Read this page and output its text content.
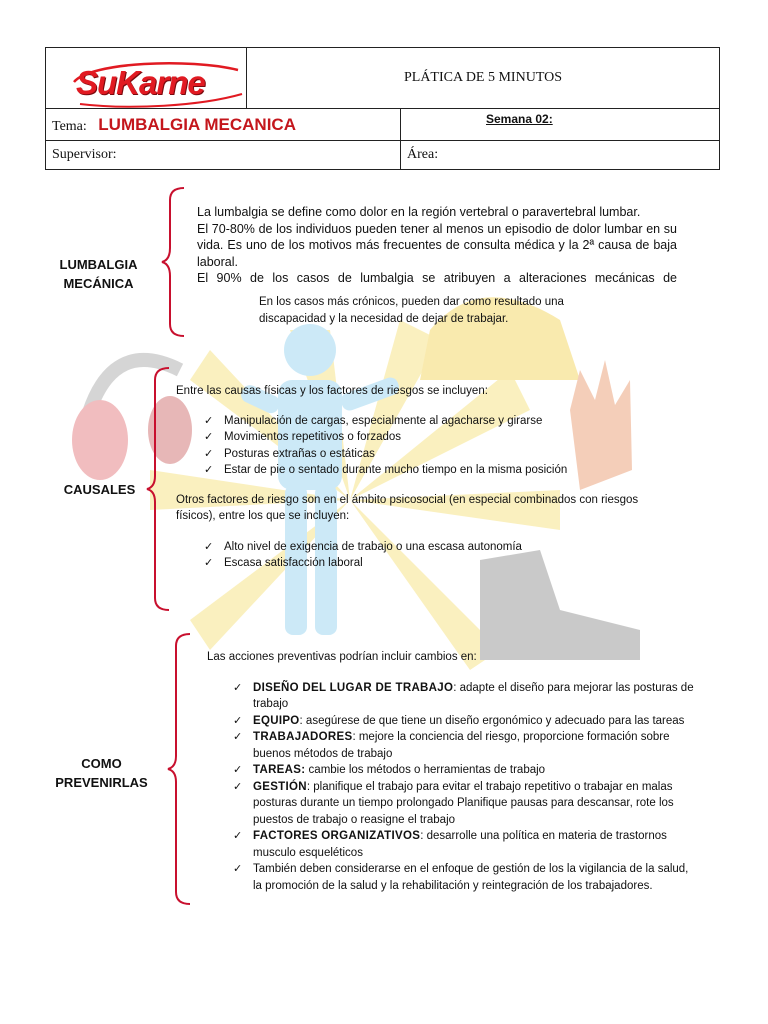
SuKarne	PLÁTICA DE 5 MINUTOS	
Tema: LUMBALGIA MECANICA		Semana 02:
Supervisor:		Área:
LUMBALGIA
MECÁNICA
La lumbalgia se define como dolor en la región vertebral o paravertebral lumbar.
El 70-80% de los individuos pueden tener al menos un episodio de dolor lumbar en su vida. Es uno de los motivos más frecuentes de consulta médica y la 2ª causa de baja laboral.
El 90% de los casos de lumbalgia se atribuyen a alteraciones mecánicas de
En los casos más crónicos, pueden dar como resultado una
discapacidad y la necesidad de dejar de trabajar.
CAUSALES
Entre las causas físicas y los factores de riesgos se incluyen:
✓ Manipulación de cargas, especialmente al agacharse y girarse
✓ Movimientos repetitivos o forzados
✓ Posturas extrañas o estáticas
✓ Estar de pie o sentado durante mucho tiempo en la misma posición
Otros factores de riesgo son en el ámbito psicosocial (en especial combinados con riesgos físicos), entre los que se incluyen:
✓ Alto nivel de exigencia de trabajo o una escasa autonomía
✓ Escasa satisfacción laboral
COMO
PREVENIRLAS
Las acciones preventivas podrían incluir cambios en:
✓ DISEÑO DEL LUGAR DE TRABAJO: adapte el diseño para mejorar las posturas de trabajo
✓ EQUIPO: asegúrese de que tiene un diseño ergonómico y adecuado para las tareas
✓ TRABAJADORES: mejore la conciencia del riesgo, proporcione formación sobre buenos métodos de trabajo
✓ TAREAS: cambie los métodos o herramientas de trabajo
✓ GESTIÓN: planifique el trabajo para evitar el trabajo repetitivo o trabajar en malas posturas durante un tiempo prolongado Planifique pausas para descansar, rote los puestos de trabajo o reasigne el trabajo
✓ FACTORES ORGANIZATIVOS: desarrolle una política en materia de trastornos musculo esqueléticos
✓ También deben considerarse en el enfoque de gestión de los la vigilancia de la salud, la promoción de la salud y la rehabilitación y reintegración de los trabajadores.
